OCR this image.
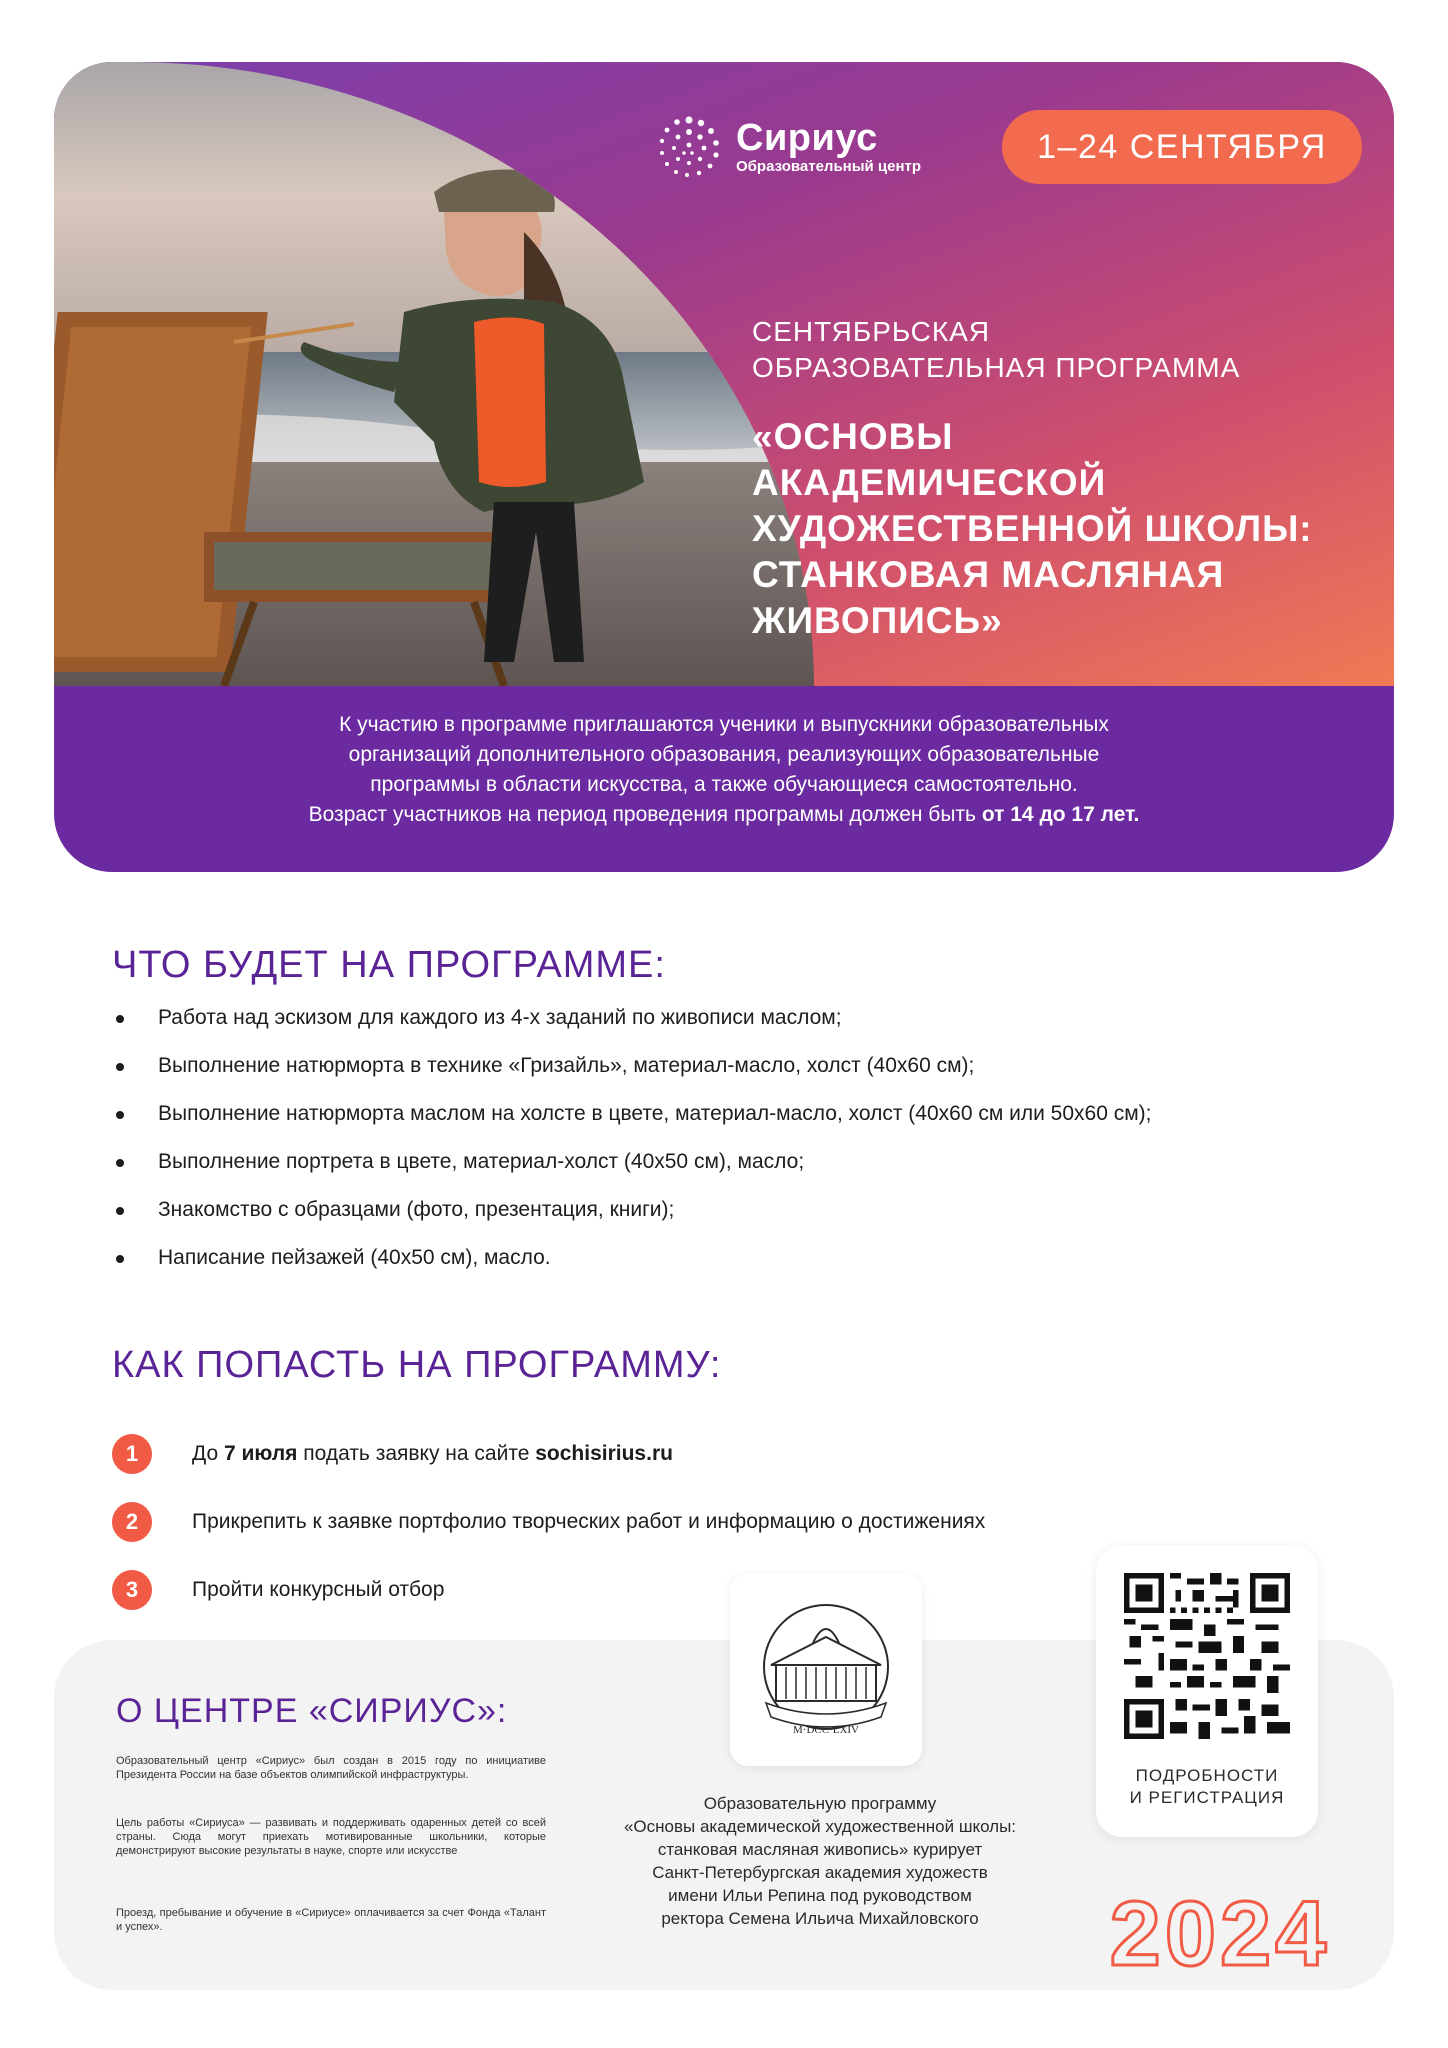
Сириус
Образовательный центр
1–24 СЕНТЯБРЯ
СЕНТЯБРЬСКАЯ
ОБРАЗОВАТЕЛЬНАЯ ПРОГРАММА
«ОСНОВЫ
АКАДЕМИЧЕСКОЙ
ХУДОЖЕСТВЕННОЙ ШКОЛЫ:
СТАНКОВАЯ МАСЛЯНАЯ
ЖИВОПИСЬ»
К участию в программе приглашаются ученики и выпускники образовательных
организаций дополнительного образования, реализующих образовательные
программы в области искусства, а также обучающиеся самостоятельно.
Возраст участников на период проведения программы должен быть от 14 до 17 лет.
ЧТО БУДЕТ НА ПРОГРАММЕ:
Работа над эскизом для каждого из 4-х заданий по живописи маслом;
Выполнение натюрморта в технике «Гризайль», материал-масло, холст (40х60 см);
Выполнение натюрморта маслом на холсте в цвете, материал-масло, холст (40х60 см или 50х60 см);
Выполнение портрета в цвете, материал-холст (40х50 см), масло;
Знакомство с образцами (фото, презентация, книги);
Написание пейзажей (40х50 см), масло.
КАК ПОПАСТЬ НА ПРОГРАММУ:
1	До 7 июля подать заявку на сайте sochisirius.ru
2	Прикрепить к заявке портфолио творческих работ и информацию о достижениях
3	Пройти конкурсный отбор
О ЦЕНТРЕ «СИРИУС»:

Образовательный центр «Сириус» был создан в 2015 году по инициативе Президента России на базе объектов олимпийской инфраструктуры.

Цель работы «Сириуса» — развивать и поддерживать одаренных детей со всей страны. Сюда могут приехать мотивированные школьники, которые демонстрируют высокие результаты в науке, спорте или искусстве

Проезд, пребывание и обучение в «Сириусе» оплачивается за счет Фонда «Талант и успех».

M·DCC·LXIV
Образовательную программу
«Основы академической художественной школы:
станковая масляная живопись» курирует
Санкт-Петербургская академия художеств
имени Ильи Репина под руководством
ректора Семена Ильича Михайловского
ПОДРОБНОСТИ
И РЕГИСТРАЦИЯ
2024
